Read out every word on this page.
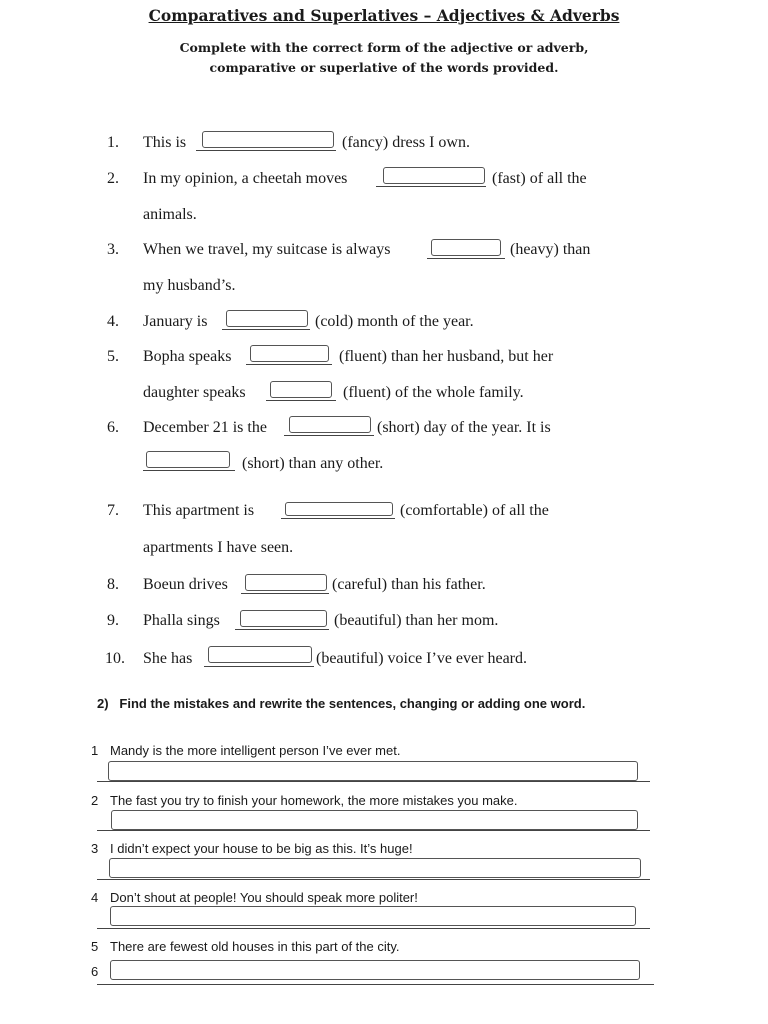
Comparatives and Superlatives – Adjectives & Adverbs
Complete with the correct form of the adjective or adverb,
comparative or superlative of the words provided.
1. This is	(fancy) dress I own.
2. In my opinion, a cheetah moves	(fast) of all the
animals.
3. When we travel, my suitcase is always	(heavy) than
my husband’s.
4. January is	(cold) month of the year.
5. Bopha speaks	(fluent) than her husband, but her
daughter speaks	(fluent) of the whole family.
6. December 21 is the	(short) day of the year. It is
(short) than any other.
7. This apartment is	(comfortable) of all the
apartments I have seen.
8. Boeun drives	(careful) than his father.
9. Phalla sings	(beautiful) than her mom.
10. She has	(beautiful) voice I’ve ever heard.
2)   Find the mistakes and rewrite the sentences, changing or adding one word.
1 Mandy is the more intelligent person I’ve ever met.
2 The fast you try to finish your homework, the more mistakes you make.
3 I didn’t expect your house to be big as this. It’s huge!
4 Don’t shout at people! You should speak more politer!
5 There are fewest old houses in this part of the city.
6
